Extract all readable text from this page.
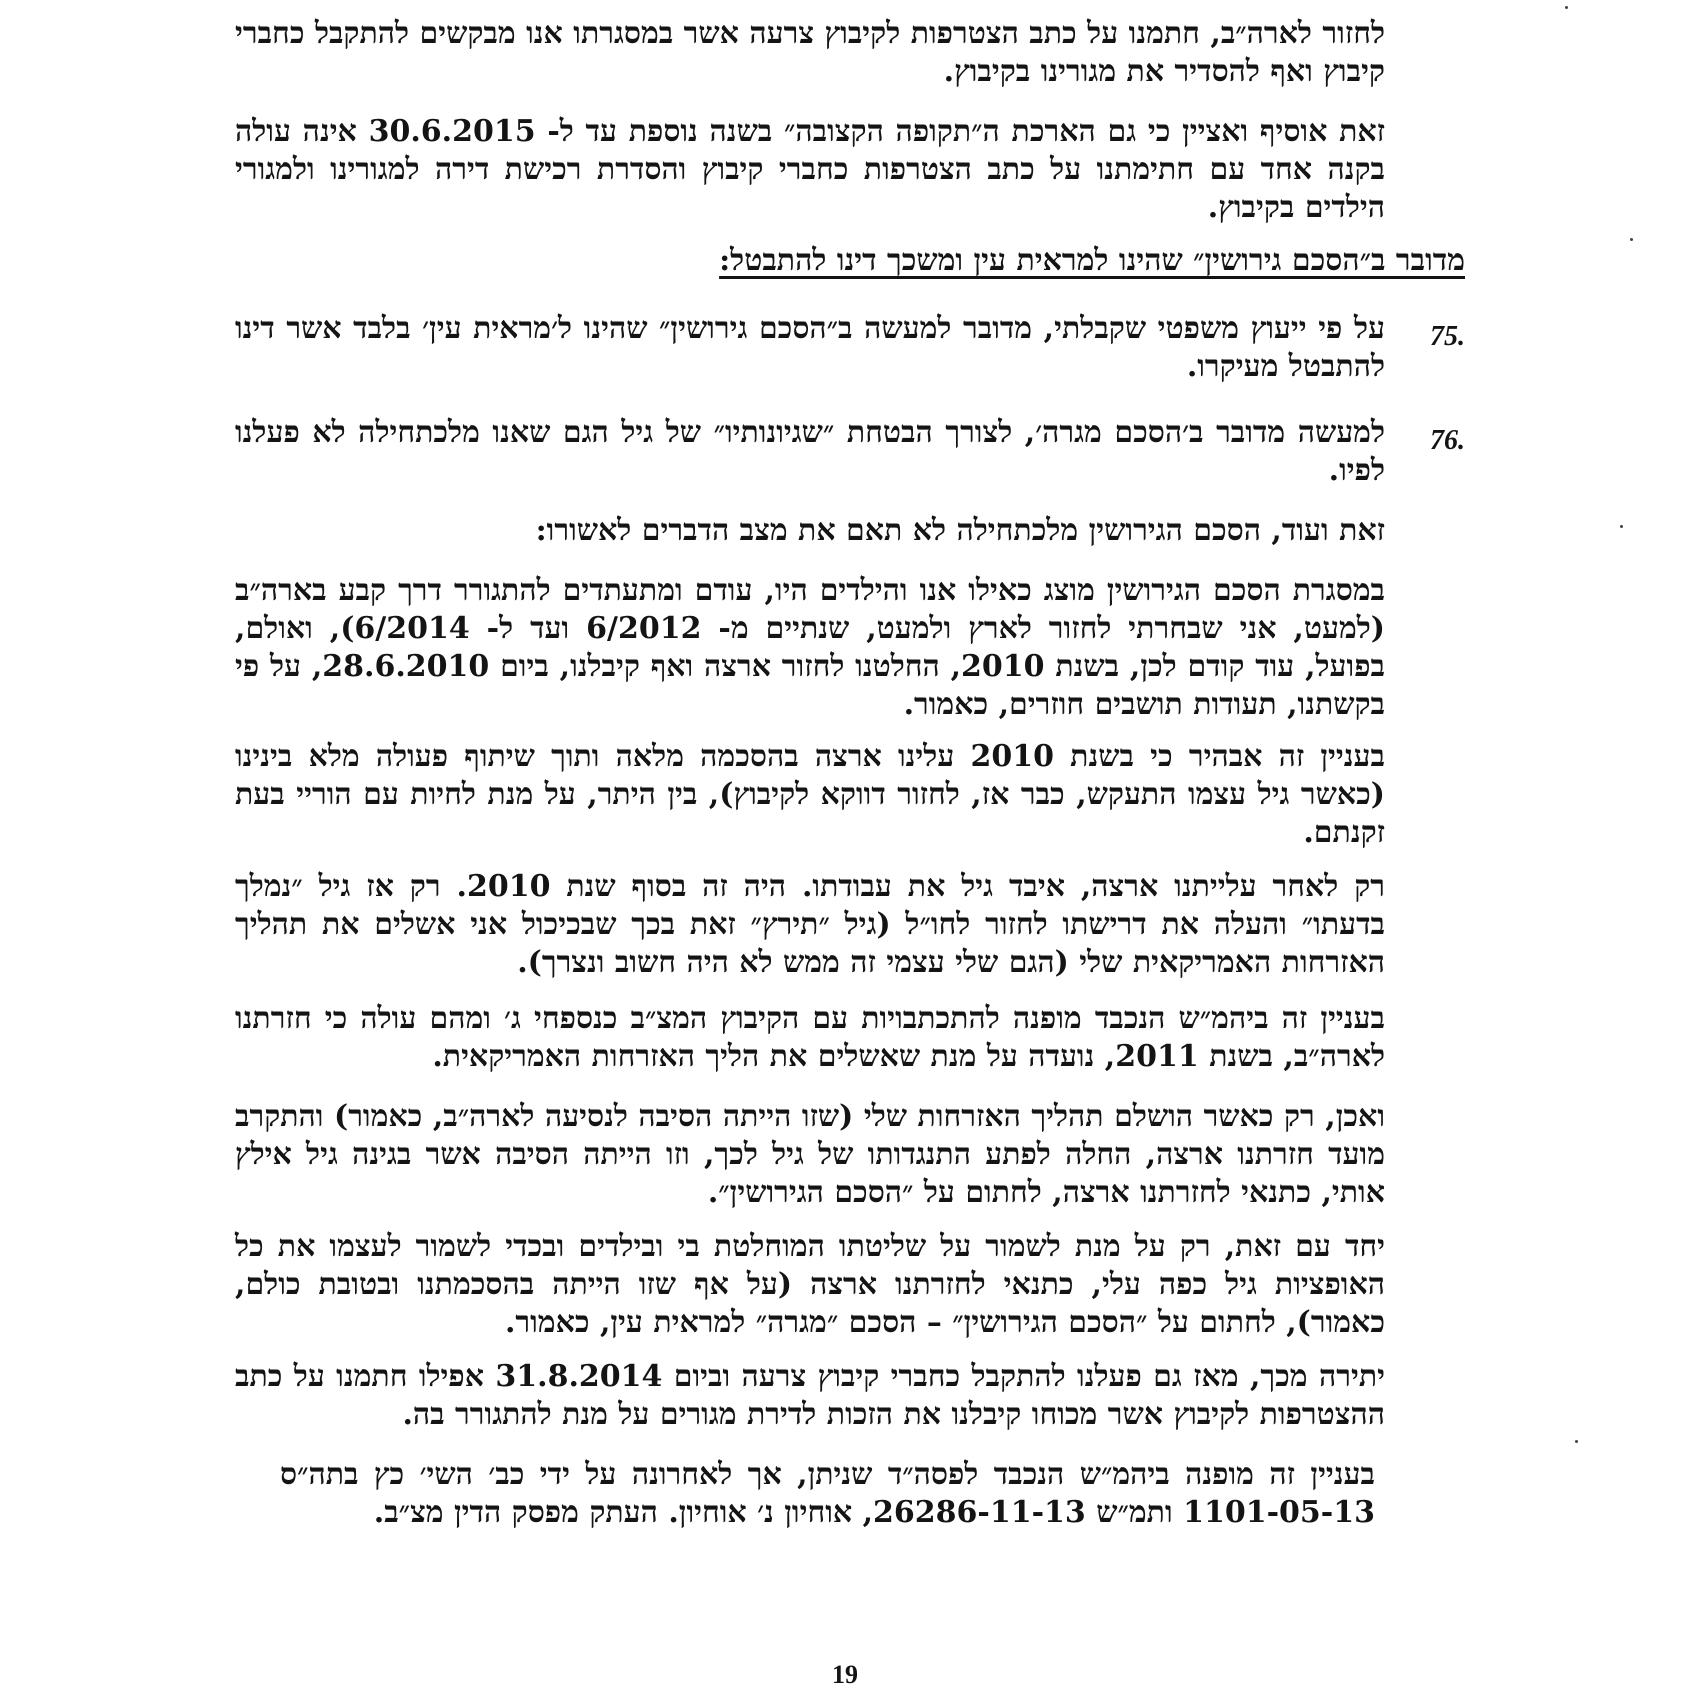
לחזור לארה״ב, חתמנו על כתב הצטרפות לקיבוץ צרעה אשר במסגרתו אנו מבקשים להתקבל כחברי קיבוץ ואף להסדיר את מגורינו בקיבוץ.

זאת אוסיף ואציין כי גם הארכת ה״תקופה הקצובה״ בשנה נוספת עד ל- 30.6.2015 אינה עולה בקנה אחד עם חתימתנו על כתב הצטרפות כחברי קיבוץ והסדרת רכישת דירה למגורינו ולמגורי הילדים בקיבוץ.

מדובר ב״הסכם גירושין״ שהינו למראית עין ומשכך דינו להתבטל:

.75

על פי ייעוץ משפטי שקבלתי, מדובר למעשה ב״הסכם גירושין״ שהינו ל׳מראית עין׳ בלבד אשר דינו להתבטל מעיקרו.

.76

למעשה מדובר ב׳הסכם מגרה׳, לצורך הבטחת ״שגיונותיו״ של גיל הגם שאנו מלכתחילה לא פעלנו לפיו.

זאת ועוד, הסכם הגירושין מלכתחילה לא תאם את מצב הדברים לאשורו:

במסגרת הסכם הגירושין מוצג כאילו אנו והילדים היו, עודם ומתעתדים להתגורר דרך קבע בארה״ב (למעט, אני שבחרתי לחזור לארץ ולמעט, שנתיים מ- 6/2012 ועד ל- 6/2014), ואולם, בפועל, עוד קודם לכן, בשנת 2010, החלטנו לחזור ארצה ואף קיבלנו, ביום 28.6.2010, על פי בקשתנו, תעודות תושבים חוזרים, כאמור.

בעניין זה אבהיר כי בשנת 2010 עלינו ארצה בהסכמה מלאה ותוך שיתוף פעולה מלא בינינו (כאשר גיל עצמו התעקש, כבר אז, לחזור דווקא לקיבוץ), בין היתר, על מנת לחיות עם הוריי בעת זקנתם.

רק לאחר עלייתנו ארצה, איבד גיל את עבודתו. היה זה בסוף שנת 2010. רק אז גיל ״נמלך בדעתו״ והעלה את דרישתו לחזור לחו״ל (גיל ״תירץ״ זאת בכך שבכיכול אני אשלים את תהליך האזרחות האמריקאית שלי (הגם שלי עצמי זה ממש לא היה חשוב ונצרך).

בעניין זה ביהמ״ש הנכבד מופנה להתכתבויות עם הקיבוץ המצ״ב כנספחי ג׳ ומהם עולה כי חזרתנו לארה״ב, בשנת 2011, נועדה על מנת שאשלים את הליך האזרחות האמריקאית.

ואכן, רק כאשר הושלם תהליך האזרחות שלי (שזו הייתה הסיבה לנסיעה לארה״ב, כאמור) והתקרב מועד חזרתנו ארצה, החלה לפתע התנגדותו של גיל לכך, וזו הייתה הסיבה אשר בגינה גיל אילץ אותי, כתנאי לחזרתנו ארצה, לחתום על ״הסכם הגירושין״.

יחד עם זאת, רק על מנת לשמור על שליטתו המוחלטת בי ובילדים ובכדי לשמור לעצמו את כל האופציות גיל כפה עלי, כתנאי לחזרתנו ארצה (על אף שזו הייתה בהסכמתנו ובטובת כולם, כאמור), לחתום על ״הסכם הגירושין״ – הסכם ״מגרה״ למראית עין, כאמור.

יתירה מכך, מאז גם פעלנו להתקבל כחברי קיבוץ צרעה וביום 31.8.2014 אפילו חתמנו על כתב ההצטרפות לקיבוץ אשר מכוחו קיבלנו את הזכות לדירת מגורים על מנת להתגורר בה.

בעניין זה מופנה ביהמ״ש הנכבד לפסה״ד שניתן, אך לאחרונה על ידי כב׳ השי׳ כץ בתה״ס 1101-05-13 ותמ״ש 26286-11-13, אוחיון נ׳ אוחיון. העתק מפסק הדין מצ״ב.

19
